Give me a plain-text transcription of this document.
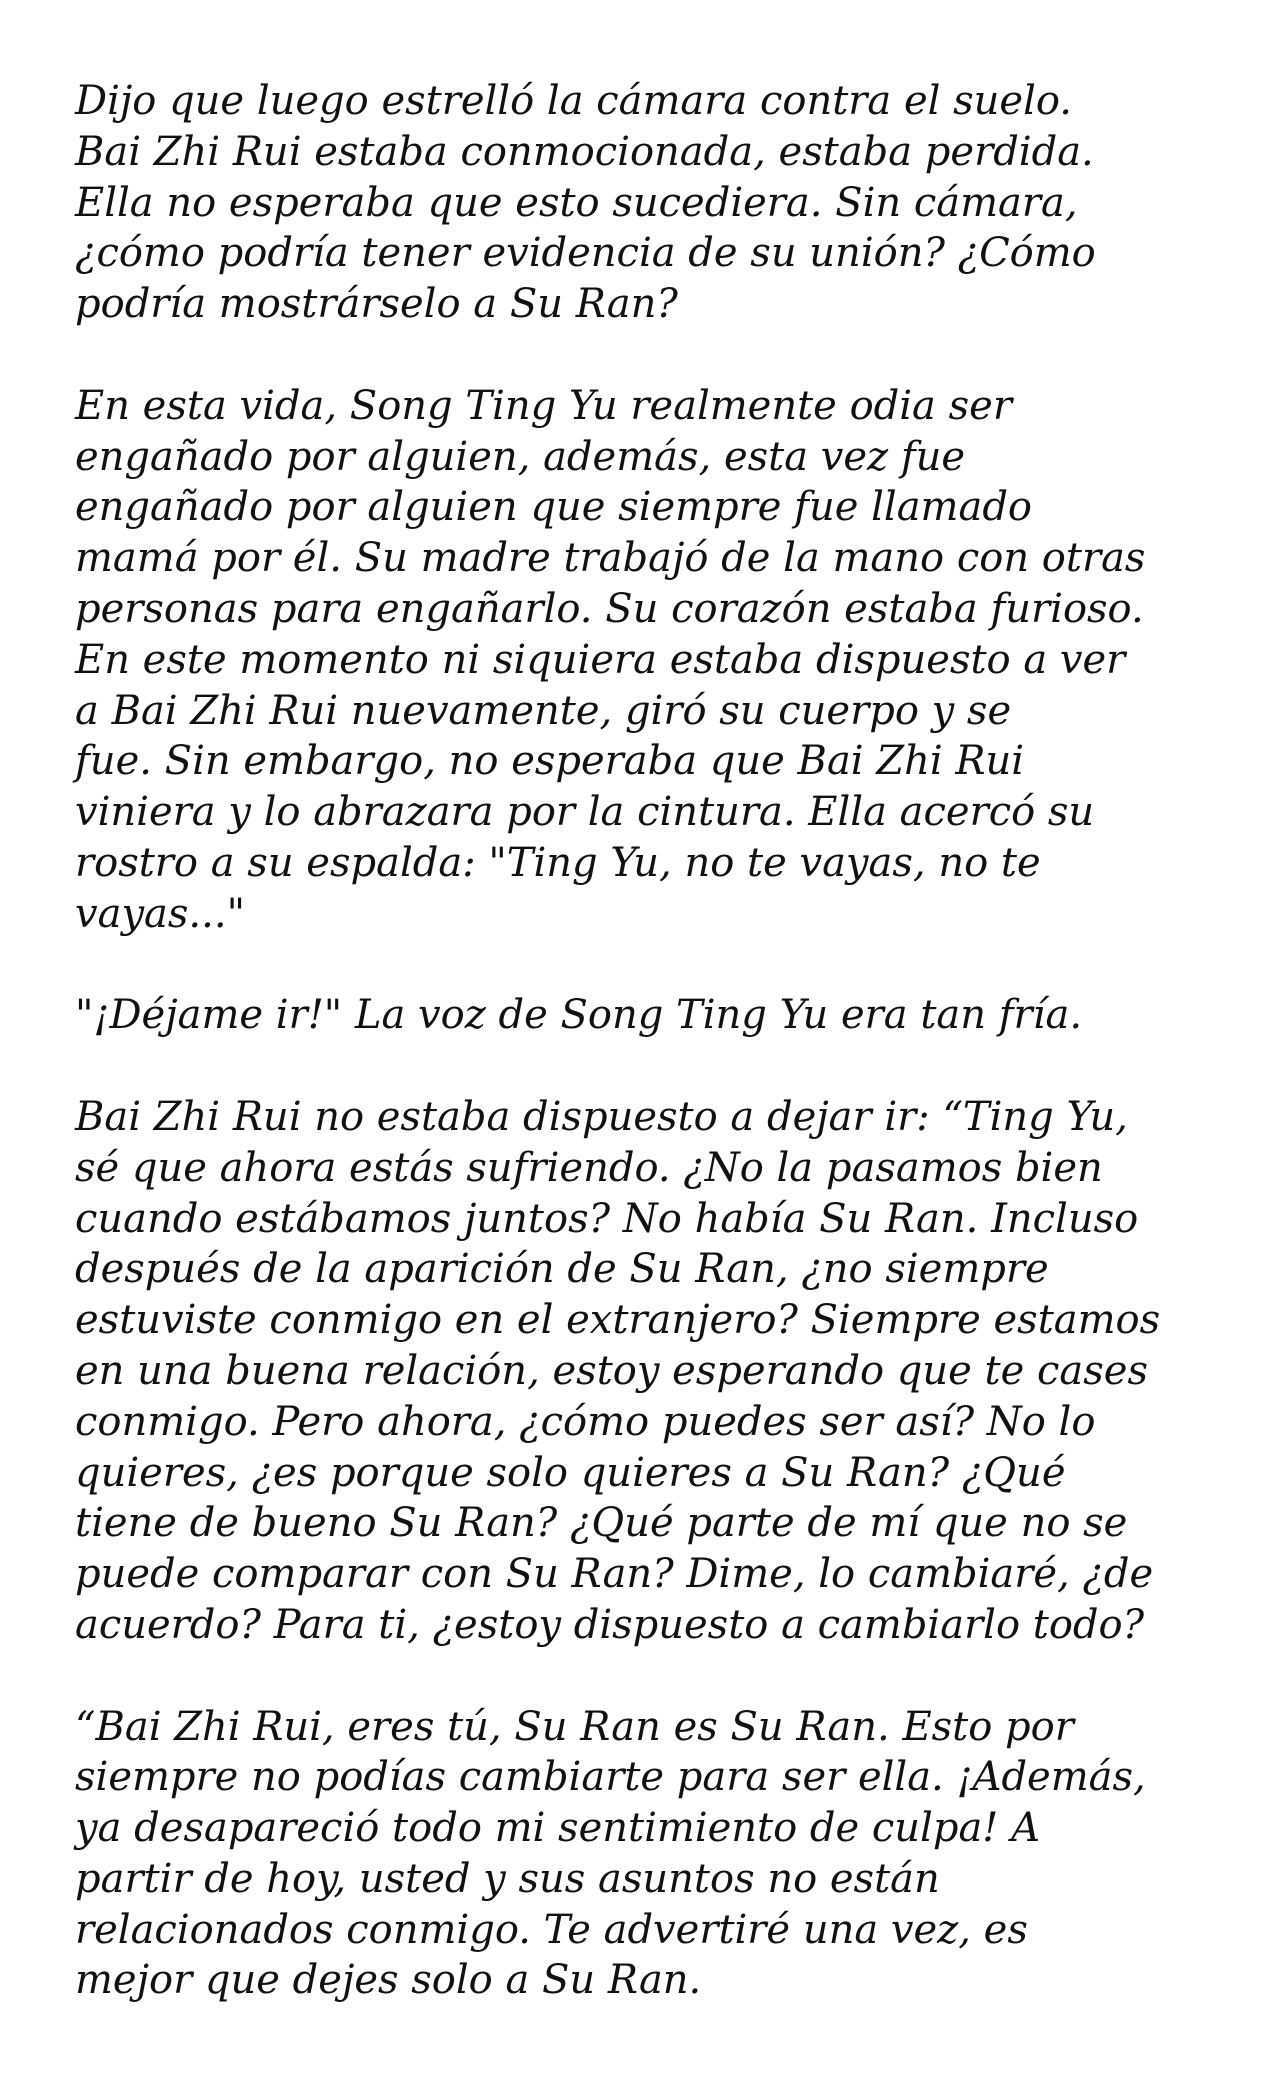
Dijo que luego estrelló la cámara contra el suelo.
Bai Zhi Rui estaba conmocionada, estaba perdida.
Ella no esperaba que esto sucediera. Sin cámara,
¿cómo podría tener evidencia de su unión? ¿Cómo
podría mostrárselo a Su Ran?

En esta vida, Song Ting Yu realmente odia ser
engañado por alguien, además, esta vez fue
engañado por alguien que siempre fue llamado
mamá por él. Su madre trabajó de la mano con otras
personas para engañarlo. Su corazón estaba furioso.
En este momento ni siquiera estaba dispuesto a ver
a Bai Zhi Rui nuevamente, giró su cuerpo y se
fue. Sin embargo, no esperaba que Bai Zhi Rui
viniera y lo abrazara por la cintura. Ella acercó su
rostro a su espalda: "Ting Yu, no te vayas, no te
vayas..."

"¡Déjame ir!" La voz de Song Ting Yu era tan fría.

Bai Zhi Rui no estaba dispuesto a dejar ir: “Ting Yu,
sé que ahora estás sufriendo. ¿No la pasamos bien
cuando estábamos juntos? No había Su Ran. Incluso
después de la aparición de Su Ran, ¿no siempre
estuviste conmigo en el extranjero? Siempre estamos
en una buena relación, estoy esperando que te cases
conmigo. Pero ahora, ¿cómo puedes ser así? No lo
quieres, ¿es porque solo quieres a Su Ran? ¿Qué
tiene de bueno Su Ran? ¿Qué parte de mí que no se
puede comparar con Su Ran? Dime, lo cambiaré, ¿de
acuerdo? Para ti, ¿estoy dispuesto a cambiarlo todo?

“Bai Zhi Rui, eres tú, Su Ran es Su Ran. Esto por
siempre no podías cambiarte para ser ella. ¡Además,
ya desapareció todo mi sentimiento de culpa! A
partir de hoy, usted y sus asuntos no están
relacionados conmigo. Te advertiré una vez, es
mejor que dejes solo a Su Ran.
